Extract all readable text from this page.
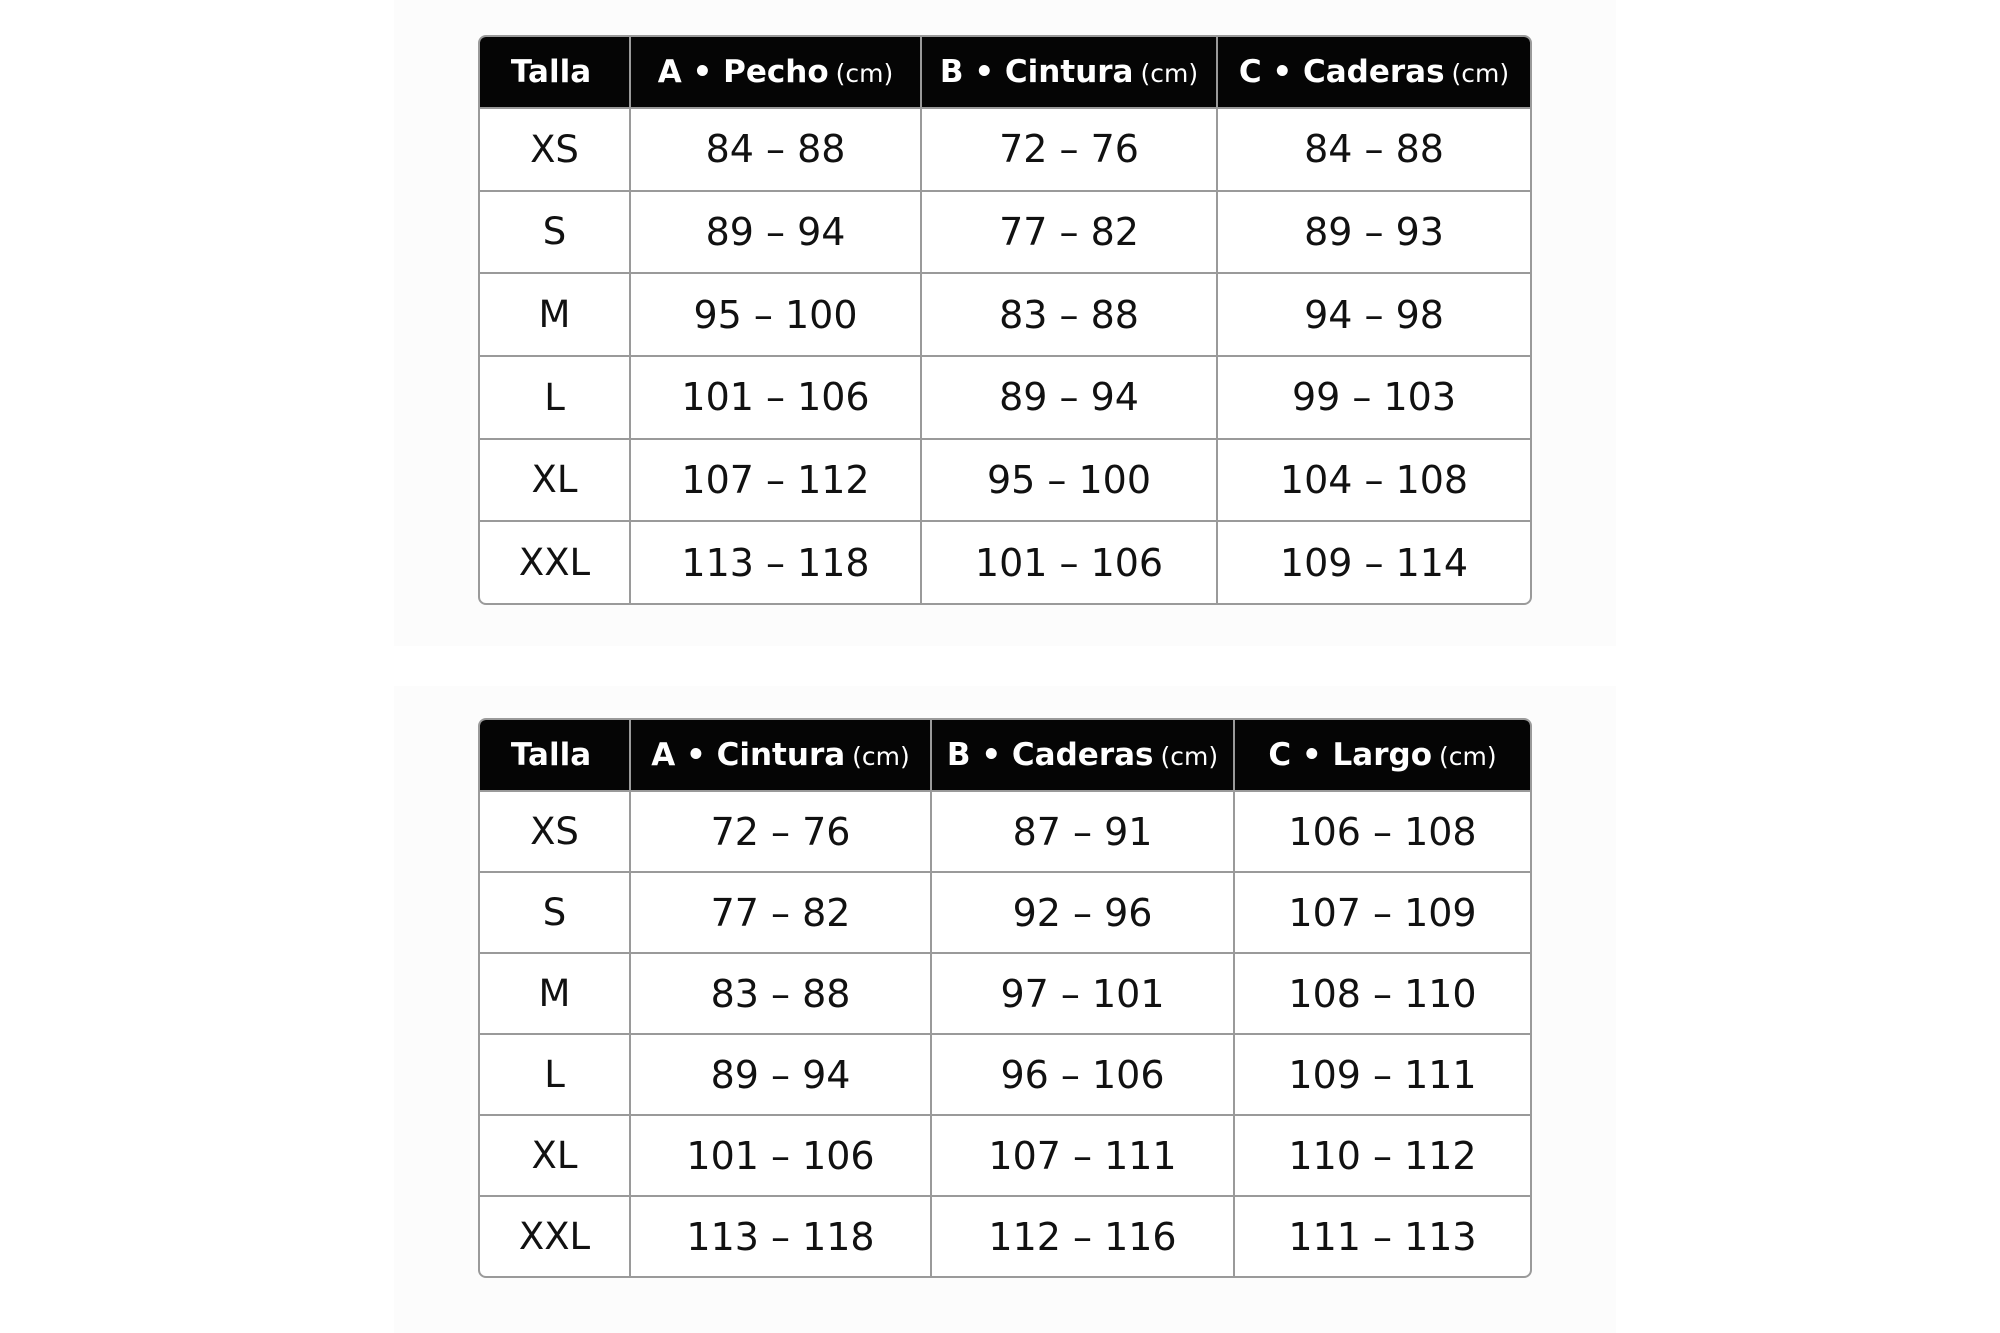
Talla	A • Pecho (cm)	B • Cintura (cm)	C • Caderas (cm)
XS	84 – 88	72 – 76	84 – 88
S	89 – 94	77 – 82	89 – 93
M	95 – 100	83 – 88	94 – 98
L	101 – 106	89 – 94	99 – 103
XL	107 – 112	95 – 100	104 – 108
XXL	113 – 118	101 – 106	109 – 114
Talla	A • Cintura (cm)	B • Caderas (cm)	C • Largo (cm)
XS	72 – 76	87 – 91	106 – 108
S	77 – 82	92 – 96	107 – 109
M	83 – 88	97 – 101	108 – 110
L	89 – 94	96 – 106	109 – 111
XL	101 – 106	107 – 111	110 – 112
XXL	113 – 118	112 – 116	111 – 113
